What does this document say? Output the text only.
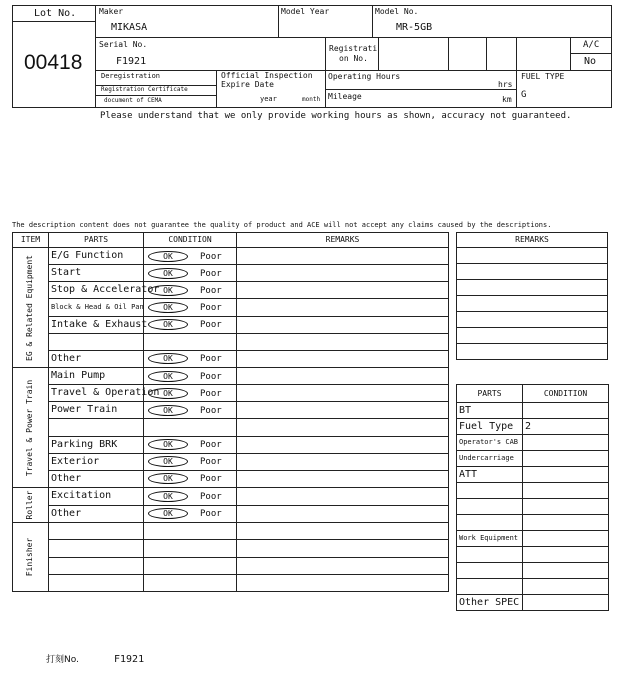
Lot No.
00418
Maker
MIKASA
Model Year	Model No.
MR-5GB
Serial No.
F1921
Registrati
on No.
A/C
No
Deregistration
Registration Certificate
document of CEMA
Official Inspection
Expire Date
year	month
Operating Hours
hrs
Mileage	km
FUEL TYPE
G
Please understand that we only provide working hours as shown, accuracy not guaranteed.
The description content does not guarantee the quality of product and ACE will not accept any claims caused by the descriptions.
ITEM	PARTS	CONDITION	REMARKS

EG & Related Equipment	E/G Function	OK Poor	
	Start	OK Poor	
	Stop & Accelerator	OK Poor	
	Block & Head & Oil Pan	OK Poor	
	Intake & Exhaust	OK Poor	

	Other	OK Poor	

Travel & Power Train	Main Pump	OK Poor	
	Travel & Operation	OK Poor	
	Power Train	OK Poor	

	Parking BRK	OK Poor	
	Exterior	OK Poor	
	Other	OK Poor	

Roller	Excitation	OK Poor	
	Other	OK Poor	

Finisher			

REMARKS

PARTS	CONDITION
BT	
Fuel Type	2
Operator's CAB	
Undercarriage	
ATT	

Work Equipment	

Other SPEC	
打刻No.	F1921
